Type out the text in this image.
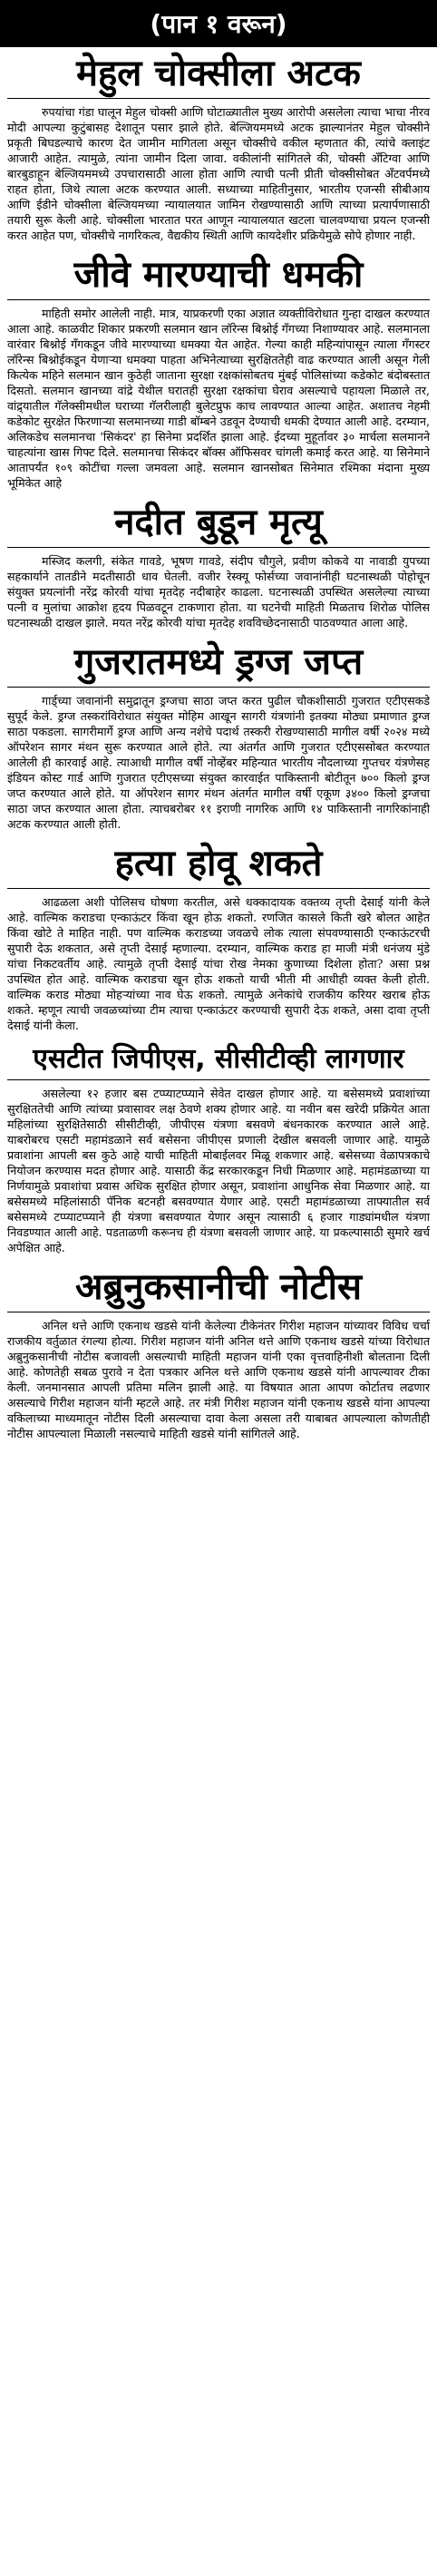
(पान १ वरून)
मेहुल चोक्सीला अटक

रुपयांचा गंडा घालून मेहुल चोक्सी आणि घोटाळ्यातील मुख्य आरोपी असलेला त्याचा भाचा नीरव मोदी आपल्या कुटुंबासह देशातून पसार झाले होते. बेल्जियममध्ये अटक झाल्यानंतर मेहुल चोक्सीने प्रकृती बिघडल्याचे कारण देत जामीन मागितला असून चोक्सीचे वकील म्हणतात की, त्यांचे क्लाइंट आजारी आहेत. त्यामुळे, त्यांना जामीन दिला जावा. वकीलांनी सांगितले की, चोक्सी अँटिग्वा आणि बारबुडाहून बेल्जियममध्ये उपचारासाठी आला होता आणि त्याची पत्नी प्रीती चोक्सीसोबत अँटवर्पमध्ये राहत होता, जिथे त्याला अटक करण्यात आली. सध्याच्या माहितीनुसार, भारतीय एजन्सी सीबीआय आणि ईडीने चोक्सीला बेल्जियमच्या न्यायालयात जामिन रोखण्यासाठी आणि त्याच्या प्रत्यार्पणासाठी तयारी सुरू केली आहे. चोक्सीला भारतात परत आणून न्यायालयात खटला चालवण्याचा प्रयत्न एजन्सी करत आहेत पण, चोक्सीचे नागरिकत्व, वैद्यकीय स्थिती आणि कायदेशीर प्रक्रियेमुळे सोपे होणार नाही.

जीवे मारण्याची धमकी

माहिती समोर आलेली नाही. मात्र, याप्रकरणी एका अज्ञात व्यक्तीविरोधात गुन्हा दाखल करण्यात आला आहे. काळवीट शिकार प्रकरणी सलमान खान लॉरेन्स बिश्नोई गँगच्या निशाण्यावर आहे. सलमानला वारंवार बिश्नोई गँगकडून जीवे मारण्याच्या धमक्या येत आहेत. गेल्या काही महिन्यांपासून त्याला गँगस्टर लॉरेन्स बिश्नोईकडून येणाऱ्या धमक्या पाहता अभिनेत्याच्या सुरक्षिततेही वाढ करण्यात आली असून गेली कित्येक महिने सलमान खान कुठेही जाताना सुरक्षा रक्षकांसोबतच मुंबई पोलिसांच्या कडेकोट बंदोबस्तात दिसतो. सलमान खानच्या वांद्रे येथील घरातही सुरक्षा रक्षकांचा घेराव असल्याचे पहायला मिळाले तर, वांद्र्यातील गॅलेक्सीमधील घराच्या गॅलरीलाही बुलेटप्रुफ काच लावण्यात आल्या आहेत. अशातच नेहमी कडेकोट सुरक्षेत फिरणाऱ्या सलमानच्या गाडी बॉम्बने उडवून देण्याची धमकी देण्यात आली आहे. दरम्यान, अलिकडेच सलमानचा 'सिकंदर' हा सिनेमा प्रदर्शित झाला आहे. ईदच्या मुहूर्तावर ३० मार्चला सलमानने चाहत्यांना खास गिफ्ट दिले. सलमानचा सिकंदर बॉक्स ऑफिसवर चांगली कमाई करत आहे. या सिनेमाने आतापर्यंत १०९ कोटींचा गल्ला जमवला आहे. सलमान खानसोबत सिनेमात रश्मिका मंदाना मुख्य भूमिकेत आहे

नदीत बुडून मृत्यू

मस्जिद कलगी, संकेत गावडे, भूषण गावडे, संदीप चौगुले, प्रवीण कोकवे या नावाडी युपच्या सहकार्याने तातडीने मदतीसाठी धाव घेतली. वजीर रेस्क्यू फोर्सच्या जवानांनीही घटनास्थळी पोहोचून संयुक्त प्रयत्नांनी नरेंद्र कोरवी यांचा मृतदेह नदीबाहेर काढला. घटनास्थळी उपस्थित असलेल्या त्याच्या पत्नी व मुलांचा आक्रोश हृदय पिळवटून टाकणारा होता. या घटनेची माहिती मिळताच शिरोळ पोलिस घटनास्थळी दाखल झाले. मयत नरेंद्र कोरवी यांचा मृतदेह शवविच्छेदनासाठी पाठवण्यात आला आहे.

गुजरातमध्ये ड्रग्ज जप्त

गार्ड्च्या जवानांनी समुद्रातून ड्रग्जचा साठा जप्त करत पुढील चौकशीसाठी गुजरात एटीएसकडे सुपूर्द केले. ड्रग्ज तस्करांविरोधात संयुक्त मोहिम आखून सागरी यंत्रणांनी इतक्या मोठ्या प्रमाणात ड्रग्ज साठा पकडला. सागरीमार्गे ड्रग्ज आणि अन्य नशेचे पदार्थ तस्करी रोखण्यासाठी मागील वर्षी २०२४ मध्ये ऑपरेशन सागर मंथन सुरू करण्यात आले होते. त्या अंतर्गत आणि गुजरात एटीएससोबत करण्यात आलेली ही कारवाई आहे. त्याआधी मागील वर्षी नोव्हेंबर महिन्यात भारतीय नौदलाच्या गुप्तचर यंत्रणेसह इंडियन कोस्ट गार्ड आणि गुजरात एटीएसच्या संयुक्त कारवाईत पाकिस्तानी बोटीतून ७०० किलो ड्रग्ज जप्त करण्यात आले होते. या ऑपरेशन सागर मंथन अंतर्गत मागील वर्षी एकूण ३४०० किलो ड्रग्जचा साठा जप्त करण्यात आला होता. त्याचबरोबर ११ इराणी नागरिक आणि १४ पाकिस्तानी नागरिकांनाही अटक करण्यात आली होती.

हत्या होवू शकते

आढळला अशी पोलिसच घोषणा करतील, असे धक्कादायक वक्तव्य तृप्ती देसाई यांनी केले आहे. वाल्मिक कराडचा एन्काऊंटर किंवा खून होऊ शकतो. रणजित कासले किती खरे बोलत आहेत किंवा खोटे ते माहित नाही. पण वाल्मिक कराडच्या जवळचे लोक त्याला संपवण्यासाठी एन्काऊंटरची सुपारी देऊ शकतात, असे तृप्ती देसाई म्हणाल्या. दरम्यान, वाल्मिक कराड हा माजी मंत्री धनंजय मुंडे यांचा निकटवर्तीय आहे. त्यामुळे तृप्ती देसाई यांचा रोख नेमका कुणाच्या दिशेला होता? असा प्रश्न उपस्थित होत आहे. वाल्मिक कराडचा खून होऊ शकतो याची भीती मी आधीही व्यक्त केली होती. वाल्मिक कराड मोठ्या मोहऱ्यांच्या नाव घेऊ शकतो. त्यामुळे अनेकांचे राजकीय करियर खराब होऊ शकते. म्हणून त्याची जवळच्यांच्या टीम त्याचा एन्काऊंटर करण्याची सुपारी देऊ शकते, असा दावा तृप्ती देसाई यांनी केला.

एसटीत जिपीएस, सीसीटीव्ही लागणार

असलेल्या १२ हजार बस टप्प्याटप्प्याने सेवेत दाखल होणार आहे. या बसेसमध्ये प्रवाशांच्या सुरक्षिततेची आणि त्यांच्या प्रवासावर लक्ष ठेवणे शक्य होणार आहे. या नवीन बस खरेदी प्रक्रियेत आता महिलांच्या सुरक्षितेसाठी सीसीटीव्ही, जीपीएस यंत्रणा बसवणे बंधनकारक करण्यात आले आहे. याबरोबरच एसटी महामंडळाने सर्व बसेसना जीपीएस प्रणाली देखील बसवली जाणार आहे. यामुळे प्रवाशांना आपली बस कुठे आहे याची माहिती मोबाईलवर मिळू शकणार आहे. बसेसच्या वेळापत्रकाचे नियोजन करण्यास मदत होणार आहे. यासाठी केंद्र सरकारकडून निधी मिळणार आहे. महामंडळाच्या या निर्णयामुळे प्रवाशांचा प्रवास अधिक सुरक्षित होणार असून, प्रवाशांना आधुनिक सेवा मिळणार आहे. या बसेसमध्ये महिलांसाठी पॅनिक बटनही बसवण्यात येणार आहे. एसटी महामंडळाच्या ताफ्यातील सर्व बसेसमध्ये टप्प्याटप्प्याने ही यंत्रणा बसवण्यात येणार असून त्यासाठी ६ हजार गाड्यांमधील यंत्रणा निवडण्यात आली आहे. पडताळणी करूनच ही यंत्रणा बसवली जाणार आहे. या प्रकल्पासाठी सुमारे खर्च अपेक्षित आहे.

अब्रुनुकसानीची नोटीस

अनिल थत्ते आणि एकनाथ खडसे यांनी केलेल्या टीकेनंतर गिरीश महाजन यांच्यावर विविध चर्चा राजकीय वर्तुळात रंगल्या होत्या. गिरीश महाजन यांनी अनिल थत्ते आणि एकनाथ खडसे यांच्या विरोधात अब्रुनुकसानीची नोटीस बजावली असल्याची माहिती महाजन यांनी एका वृत्तवाहिनीशी बोलताना दिली आहे. कोणतेही सबळ पुरावे न देता पत्रकार अनिल थत्ते आणि एकनाथ खडसे यांनी आपल्यावर टीका केली. जनमानसात आपली प्रतिमा मलिन झाली आहे. या विषयात आता आपण कोर्टातच लढणार असल्याचे गिरीश महाजन यांनी म्हटले आहे. तर मंत्री गिरीश महाजन यांनी एकनाथ खडसे यांना आपल्या वकिलाच्या माध्यमातून नोटीस दिली असल्याचा दावा केला असला तरी याबाबत आपल्याला कोणतीही नोटीस आपल्याला मिळाली नसल्याचे माहिती खडसे यांनी सांगितले आहे.
